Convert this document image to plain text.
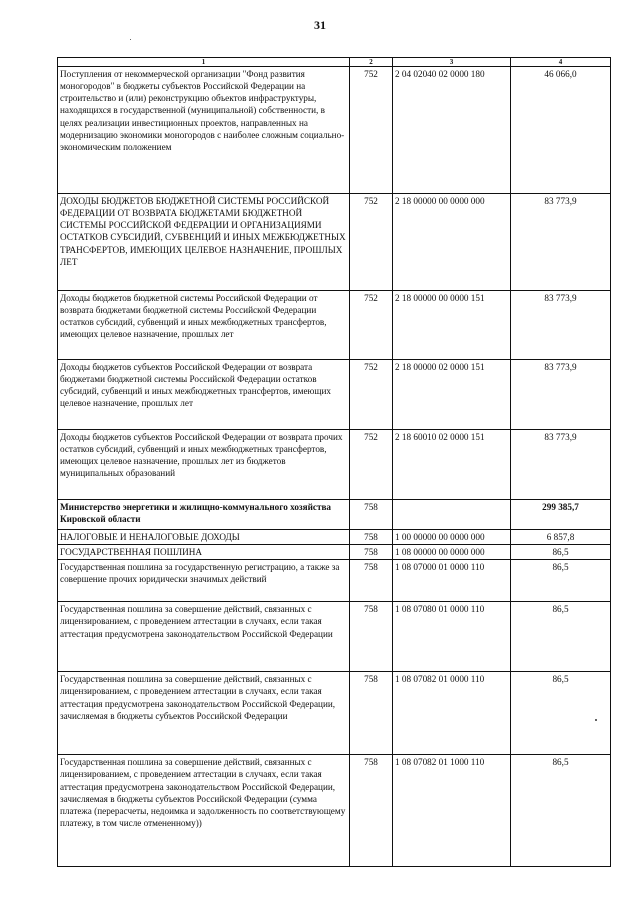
31
1	2	3	4
Поступления от некоммерческой организации "Фонд развития моногородов" в бюджеты субъектов Российской Федерации на строительство и (или) реконструкцию объектов инфраструктуры, находящихся в государственной (муниципальной) собственности, в целях реализации инвестиционных проектов, направленных на модернизацию экономики моногородов с наиболее сложным социально-экономическим положением	752	2 04 02040 02 0000 180	46 066,0
ДОХОДЫ БЮДЖЕТОВ БЮДЖЕТНОЙ СИСТЕМЫ РОССИЙСКОЙ ФЕДЕРАЦИИ ОТ ВОЗВРАТА БЮДЖЕТАМИ БЮДЖЕТНОЙ СИСТЕМЫ РОССИЙСКОЙ ФЕДЕРАЦИИ И ОРГАНИЗАЦИЯМИ ОСТАТКОВ СУБСИДИЙ, СУБВЕНЦИЙ И ИНЫХ МЕЖБЮДЖЕТНЫХ ТРАНСФЕРТОВ, ИМЕЮЩИХ ЦЕЛЕВОЕ НАЗНАЧЕНИЕ, ПРОШЛЫХ ЛЕТ	752	2 18 00000 00 0000 000	83 773,9
Доходы бюджетов бюджетной системы Российской Федерации от возврата бюджетами бюджетной системы Российской Федерации остатков субсидий, субвенций и иных межбюджетных трансфертов, имеющих целевое назначение, прошлых лет	752	2 18 00000 00 0000 151	83 773,9
Доходы бюджетов субъектов Российской Федерации от возврата бюджетами бюджетной системы Российской Федерации остатков субсидий, субвенций и иных межбюджетных трансфертов, имеющих целевое назначение, прошлых лет	752	2 18 00000 02 0000 151	83 773,9
Доходы бюджетов субъектов Российской Федерации от возврата прочих остатков субсидий, субвенций и иных межбюджетных трансфертов, имеющих целевое назначение, прошлых лет из бюджетов муниципальных образований	752	2 18 60010 02 0000 151	83 773,9
Министерство энергетики и жилищно-коммунального хозяйства Кировской области	758		299 385,7
НАЛОГОВЫЕ И НЕНАЛОГОВЫЕ ДОХОДЫ	758	1 00 00000 00 0000 000	6 857,8
ГОСУДАРСТВЕННАЯ ПОШЛИНА	758	1 08 00000 00 0000 000	86,5
Государственная пошлина за государственную регистрацию, а также за совершение прочих юридически значимых действий	758	1 08 07000 01 0000 110	86,5
Государственная пошлина за совершение действий, связанных с лицензированием, с проведением аттестации в случаях, если такая аттестация предусмотрена законодательством Российской Федерации	758	1 08 07080 01 0000 110	86,5
Государственная пошлина за совершение действий, связанных с лицензированием, с проведением аттестации в случаях, если такая аттестация предусмотрена законодательством Российской Федерации, зачисляемая в бюджеты субъектов Российской Федерации	758	1 08 07082 01 0000 110	86,5
Государственная пошлина за совершение действий, связанных с лицензированием, с проведением аттестации в случаях, если такая аттестация предусмотрена законодательством Российской Федерации, зачисляемая в бюджеты субъектов Российской Федерации (сумма платежа (перерасчеты, недоимка и задолженность по соответствующему платежу, в том числе отмененному))	758	1 08 07082 01 1000 110	86,5
